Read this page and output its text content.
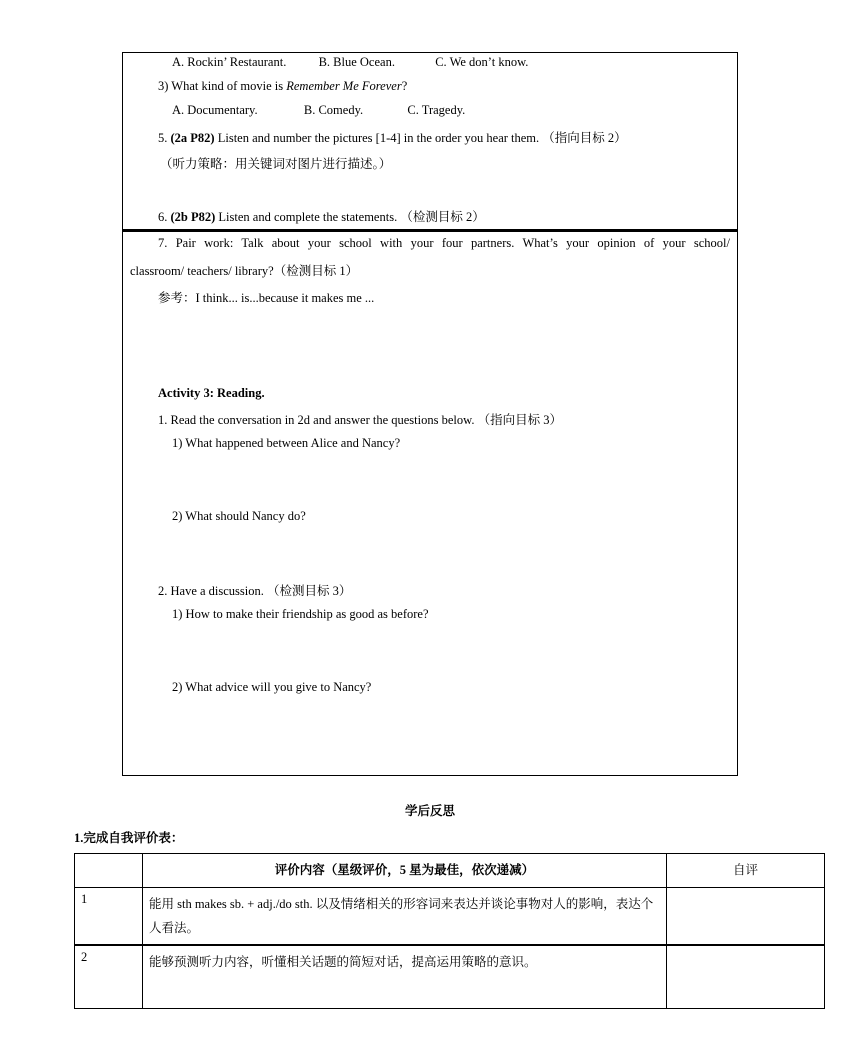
A. Rockin’ Restaurant.	B. Blue Ocean.	C. We don’t know.
3) What kind of movie is Remember Me Forever?
A. Documentary.	B. Comedy.	C. Tragedy.
5. (2a P82) Listen and number the pictures [1-4] in the order you hear them. （指向目标 2）
（听力策略：用关键词对图片进行描述。）
6. (2b P82) Listen and complete the statements. （检测目标 2）
7. Pair work: Talk about your school with your four partners. What’s your opinion of your school/
classroom/ teachers/ library?（检测目标 1）
参考：I think... is...because it makes me ...
Activity 3: Reading.
1. Read the conversation in 2d and answer the questions below. （指向目标 3）
1) What happened between Alice and Nancy?
2) What should Nancy do?
2. Have a discussion. （检测目标 3）
1) How to make their friendship as good as before?
2) What advice will you give to Nancy?
学后反思
1.完成自我评价表：
	评价内容（星级评价，5 星为最佳，依次递减）	自评
1	能用 sth makes sb. + adj./do sth. 以及情绪相关的形容词来表达并谈论事物对人的影响，表达个人看法。	
2	能够预测听力内容，听懂相关话题的简短对话，提高运用策略的意识。	
